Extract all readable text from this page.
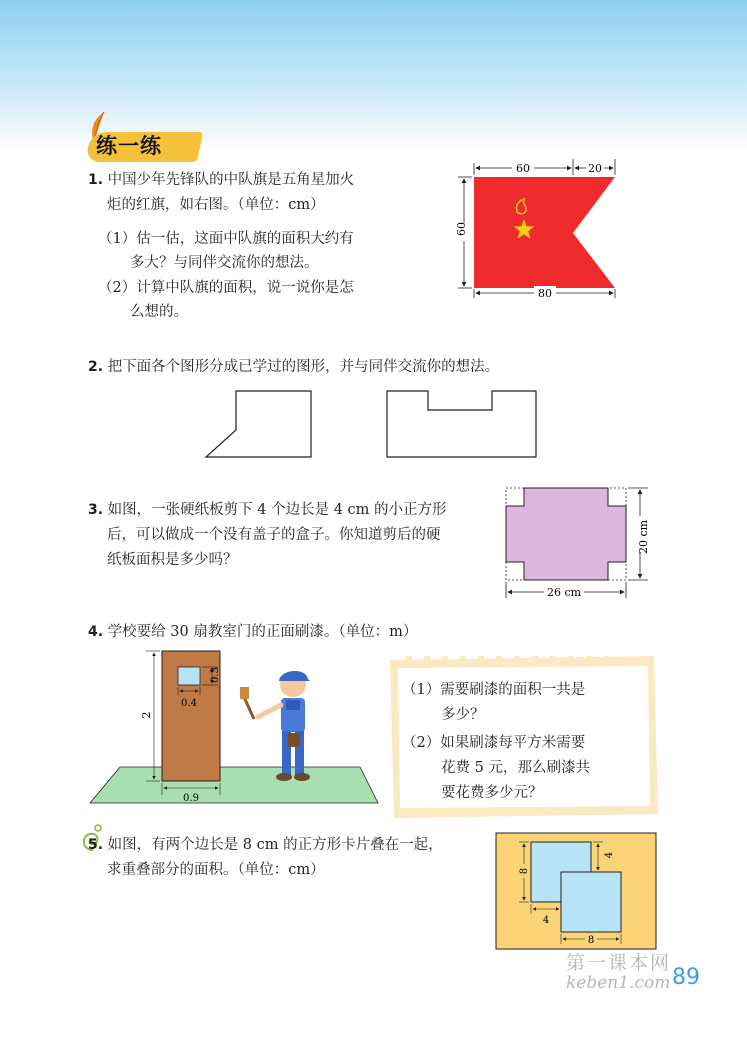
练一练
1. 中国少年先锋队的中队旗是五角星加火
炬的红旗，如右图。（单位：cm）
（1）估一估，这面中队旗的面积大约有
多大？与同伴交流你的想法。
（2）计算中队旗的面积，说一说你是怎
么想的。
60	20
60
80
2. 把下面各个图形分成已学过的图形，并与同伴交流你的想法。
3. 如图，一张硬纸板剪下 4 个边长是 4 cm 的小正方形
后，可以做成一个没有盖子的盒子。你知道剪后的硬
纸板面积是多少吗？
20 cm
26 cm
4. 学校要给 30 扇教室门的正面刷漆。（单位：m）
0.3
0.4
2
0.9
（1）需要刷漆的面积一共是
多少？
（2）如果刷漆每平方米需要
花费 5 元，那么刷漆共
要花费多少元？
5. 如图，有两个边长是 8 cm 的正方形卡片叠在一起，
求重叠部分的面积。（单位：cm）	8
4
4
8
第一课本网
keben1.com 89
